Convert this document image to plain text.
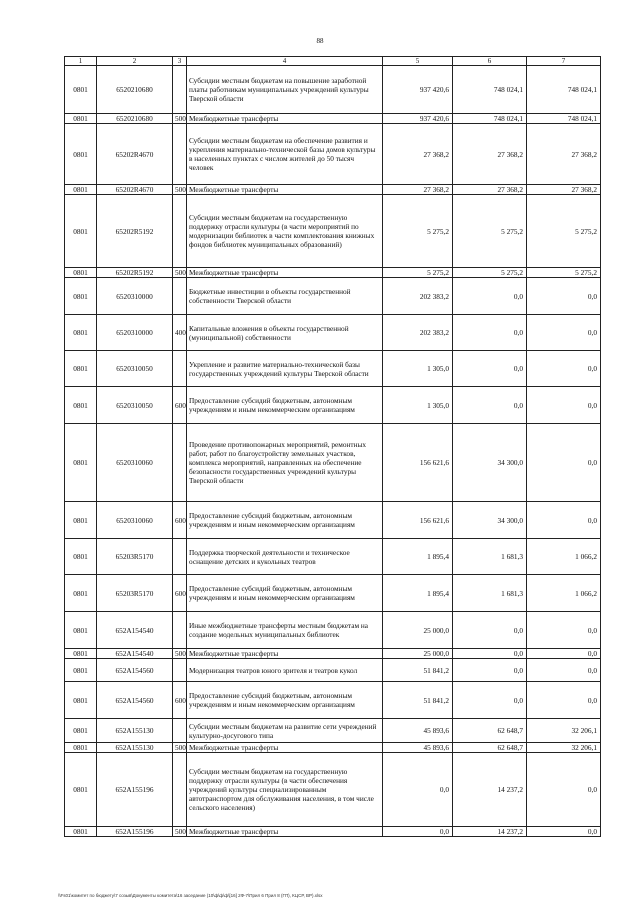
88
1	2	3	4	5	6	7
0801	6520210680		Субсидии местным бюджетам на повышение заработной платы работникам муниципальных учреждений культуры Тверской области	937 420,6	748 024,1	748 024,1
0801	6520210680	500	Межбюджетные трансферты	937 420,6	748 024,1	748 024,1
0801	65202R4670		Субсидии местным бюджетам на обеспечение развития и укрепления материально-технической базы домов культуры в населенных пунктах с числом жителей до 50 тысяч человек	27 368,2	27 368,2	27 368,2
0801	65202R4670	500	Межбюджетные трансферты	27 368,2	27 368,2	27 368,2
0801	65202R5192		Субсидии местным бюджетам на государственную поддержку отрасли культуры (в части мероприятий по модернизации библиотек в части комплектования книжных фондов библиотек муниципальных образований)	5 275,2	5 275,2	5 275,2
0801	65202R5192	500	Межбюджетные трансферты	5 275,2	5 275,2	5 275,2
0801	6520310000		Бюджетные инвестиции в объекты государственной собственности Тверской области	202 383,2	0,0	0,0
0801	6520310000	400	Капитальные вложения в объекты государственной (муниципальной) собственности	202 383,2	0,0	0,0
0801	6520310050		Укрепление и развитие материально-технической базы государственных учреждений культуры Тверской области	1 305,0	0,0	0,0
0801	6520310050	600	Предоставление субсидий бюджетным, автономным учреждениям и иным некоммерческим организациям	1 305,0	0,0	0,0
0801	6520310060		Проведение противопожарных мероприятий, ремонтных работ, работ по благоустройству земельных участков, комплекса мероприятий, направленных на обеспечение безопасности государственных учреждений культуры Тверской области	156 621,6	34 300,0	0,0
0801	6520310060	600	Предоставление субсидий бюджетным, автономным учреждениям и иным некоммерческим организациям	156 621,6	34 300,0	0,0
0801	65203R5170		Поддержка творческой деятельности и техническое оснащение детских и кукольных театров	1 895,4	1 681,3	1 066,2
0801	65203R5170	600	Предоставление субсидий бюджетным, автономным учреждениям и иным некоммерческим организациям	1 895,4	1 681,3	1 066,2
0801	652A154540		Иные межбюджетные трансферты местным бюджетам на создание модельных муниципальных библиотек	25 000,0	0,0	0,0
0801	652A154540	500	Межбюджетные трансферты	25 000,0	0,0	0,0
0801	652A154560		Модернизация театров юного зрителя и театров кукол	51 841,2	0,0	0,0
0801	652A154560	600	Предоставление субсидий бюджетным, автономным учреждениям и иным некоммерческим организациям	51 841,2	0,0	0,0
0801	652A155130		Субсидии местным бюджетам на развитие сети учреждений культурно-досугового типа	45 893,6	62 648,7	32 206,1
0801	652A155130	500	Межбюджетные трансферты	45 893,6	62 648,7	32 206,1
0801	652A155196		Субсидии местным бюджетам на государственную поддержку отрасли культуры (в части обеспечения учреждений культуры специализированным автотранспортом для обслуживания населения, в том числе сельского населения)	0,0	14 237,2	0,0
0801	652A155196	500	Межбюджетные трансферты	0,0	14 237,2	0,0
\\Fs01\комитет по бюджету\7 созыв\Документы комитета\16 заседание (10\ф\ф\ф\[16] 2Ф-7\Прил 6 Прил 8 (ГП), КЦСР, ВР).xlsx
